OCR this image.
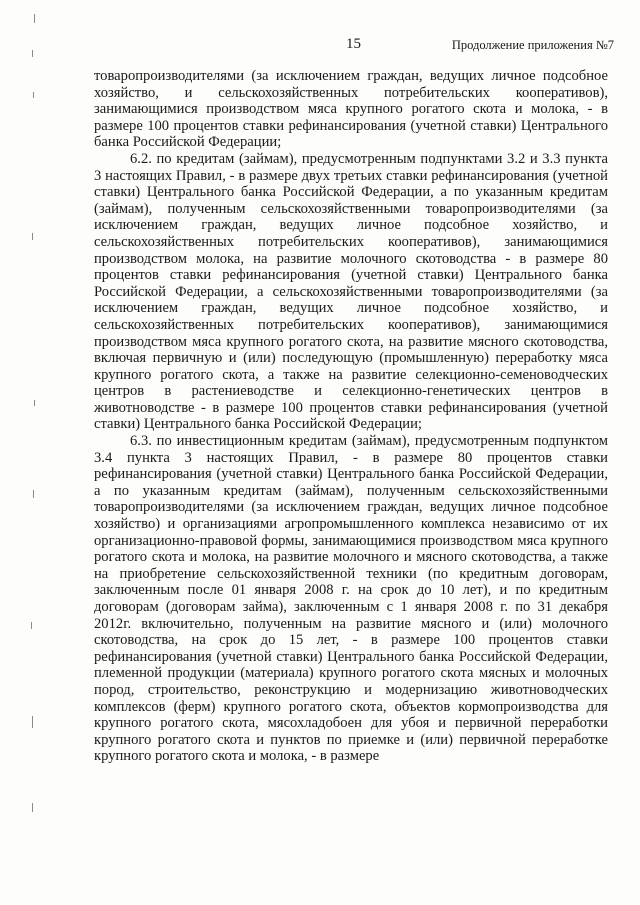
15	Продолжение приложения №7

товаропроизводителями (за исключением граждан, ведущих личное подсобное хозяйство, и сельскохозяйственных потребительских кооперативов), занимающимися производством мяса крупного рогатого скота и молока, - в размере 100 процентов ставки рефинансирования (учетной ставки) Центрального банка Российской Федерации;

6.2. по кредитам (займам), предусмотренным подпунктами 3.2 и 3.3 пункта 3 настоящих Правил, - в размере двух третьих ставки рефинансирования (учетной ставки) Центрального банка Российской Федерации, а по указанным кредитам (займам), полученным сельскохозяйственными товаропроизводителями (за исключением граждан, ведущих личное подсобное хозяйство, и сельскохозяйственных потребительских кооперативов), занимающимися производством молока, на развитие молочного скотоводства - в размере 80 процентов ставки рефинансирования (учетной ставки) Центрального банка Российской Федерации, а сельскохозяйственными товаропроизводителями (за исключением граждан, ведущих личное подсобное хозяйство, и сельскохозяйственных потребительских кооперативов), занимающимися производством мяса крупного рогатого скота, на развитие мясного скотоводства, включая первичную и (или) последующую (промышленную) переработку мяса крупного рогатого скота, а также на развитие селекционно-семеноводческих центров в растениеводстве и селекционно-генетических центров в животноводстве - в размере 100 процентов ставки рефинансирования (учетной ставки) Центрального банка Российской Федерации;

6.3. по инвестиционным кредитам (займам), предусмотренным подпунктом 3.4 пункта 3 настоящих Правил, - в размере 80 процентов ставки рефинансирования (учетной ставки) Центрального банка Российской Федерации, а по указанным кредитам (займам), полученным сельскохозяйственными товаропроизводителями (за исключением граждан, ведущих личное подсобное хозяйство) и организациями агропромышленного комплекса независимо от их организационно-правовой формы, занимающимися производством мяса крупного рогатого скота и молока, на развитие молочного и мясного скотоводства, а также на приобретение сельскохозяйственной техники (по кредитным договорам, заключенным после 01 января 2008 г. на срок до 10 лет), и по кредитным договорам (договорам займа), заключенным с 1 января 2008 г. по 31 декабря 2012г. включительно, полученным на развитие мясного и (или) молочного скотоводства, на срок до 15 лет, - в размере 100 процентов ставки рефинансирования (учетной ставки) Центрального банка Российской Федерации, племенной продукции (материала) крупного рогатого скота мясных и молочных пород, строительство, реконструкцию и модернизацию животноводческих комплексов (ферм) крупного рогатого скота, объектов кормопроизводства для крупного рогатого скота, мясохладобоен для убоя и первичной переработки крупного рогатого скота и пунктов по приемке и (или) первичной переработке крупного рогатого скота и молока, - в размере
